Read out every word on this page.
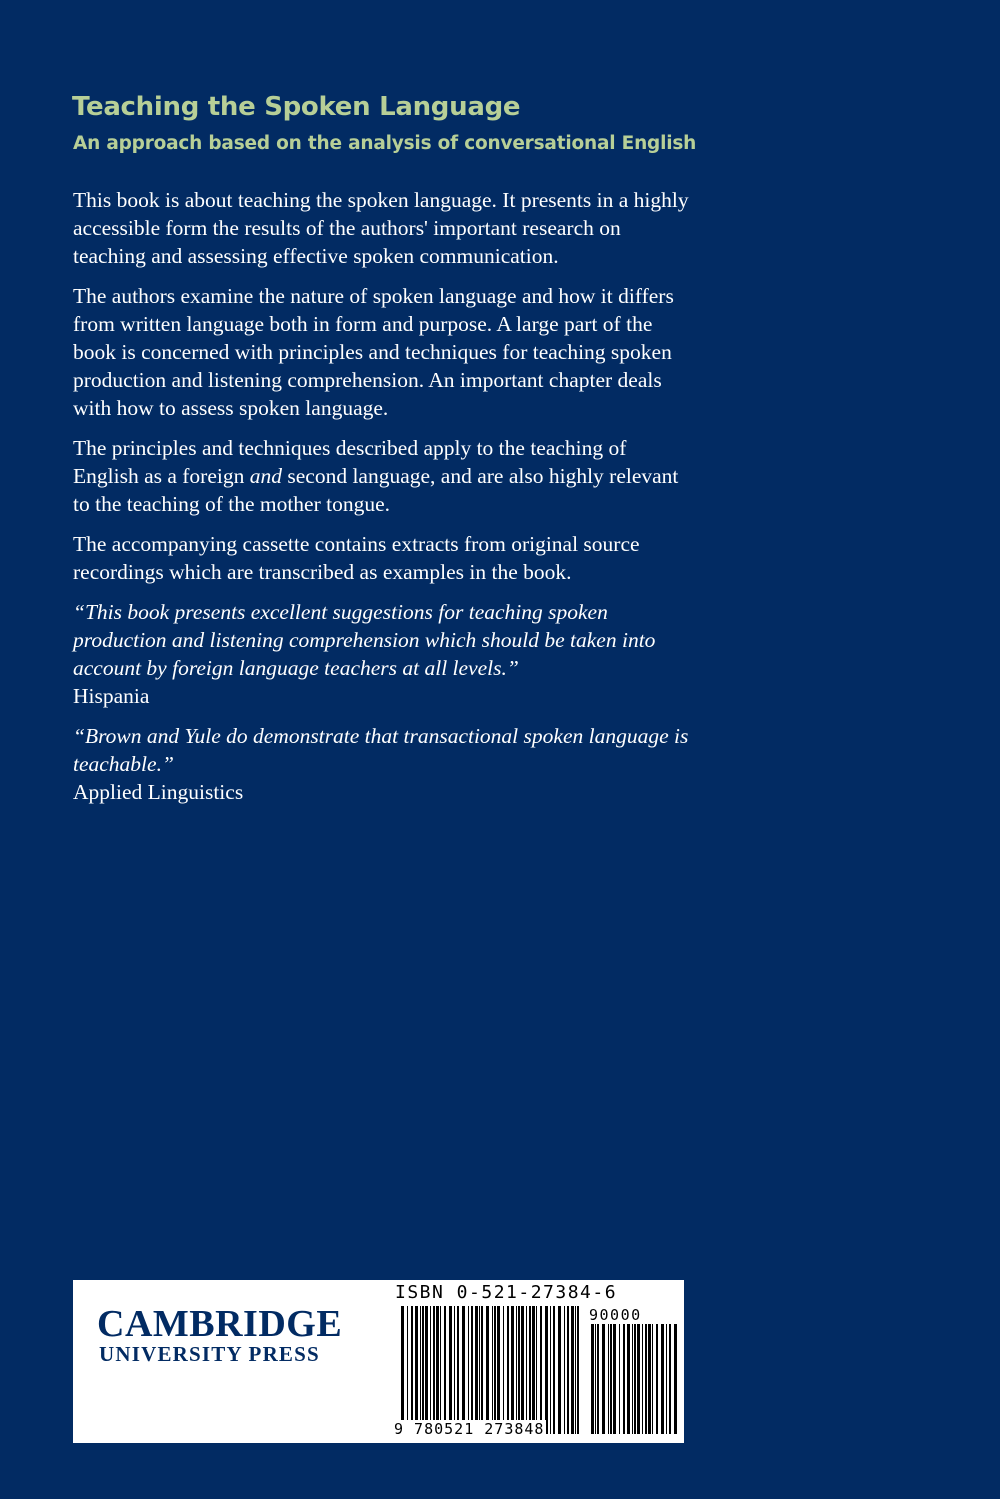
Teaching the Spoken Language
An approach based on the analysis of conversational English

This book is about teaching the spoken language. It presents in a highly accessible form the results of the authors' important research on teaching and assessing effective spoken communication.

The authors examine the nature of spoken language and how it differs from written language both in form and purpose. A large part of the book is concerned with principles and techniques for teaching spoken production and listening comprehension. An important chapter deals with how to assess spoken language.

The principles and techniques described apply to the teaching of English as a foreign and second language, and are also highly relevant to the teaching of the mother tongue.

The accompanying cassette contains extracts from original source recordings which are transcribed as examples in the book.

“This book presents excellent suggestions for teaching spoken production and listening comprehension which should be taken into account by foreign language teachers at all levels.”
Hispania
“Brown and Yule do demonstrate that transactional spoken language is teachable.”
Applied Linguistics
CAMBRIDGE
UNIVERSITY PRESS
ISBN 0-521-27384-6
90000
9 780521 273848
